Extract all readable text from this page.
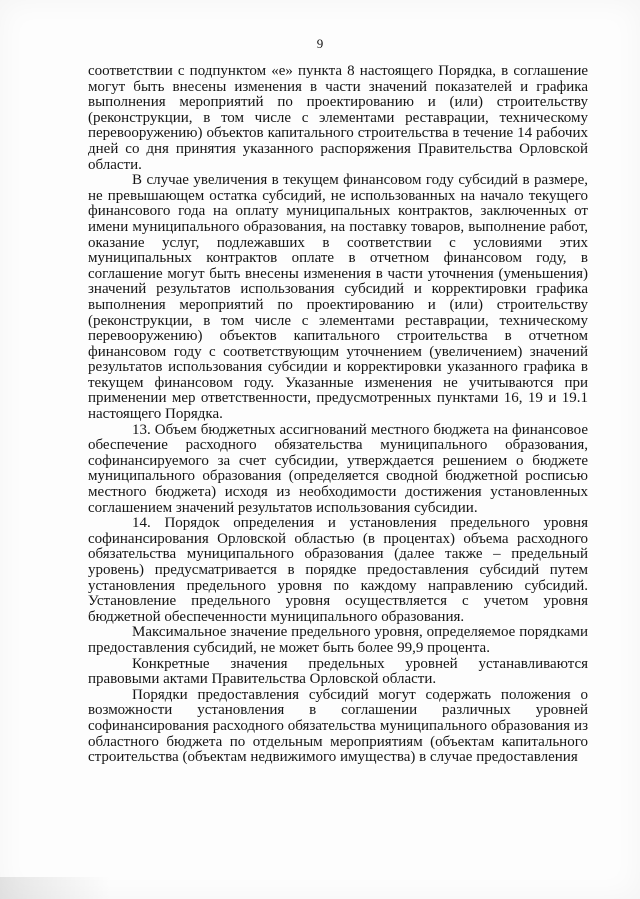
9

соответствии с подпунктом «е» пункта 8 настоящего Порядка, в соглашение могут быть внесены изменения в части значений показателей и графика выполнения мероприятий по проектированию и (или) строительству (реконструкции, в том числе с элементами реставрации, техническому перевооружению) объектов капитального строительства в течение 14 рабочих дней со дня принятия указанного распоряжения Правительства Орловской области.

В случае увеличения в текущем финансовом году субсидий в размере, не превышающем остатка субсидий, не использованных на начало текущего финансового года на оплату муниципальных контрактов, заключенных от имени муниципального образования, на поставку товаров, выполнение работ, оказание услуг, подлежавших в соответствии с условиями этих муниципальных контрактов оплате в отчетном финансовом году, в соглашение могут быть внесены изменения в части уточнения (уменьшения) значений результатов использования субсидий и корректировки графика выполнения мероприятий по проектированию и (или) строительству (реконструкции, в том числе с элементами реставрации, техническому перевооружению) объектов капитального строительства в отчетном финансовом году с соответствующим уточнением (увеличением) значений результатов использования субсидии и корректировки указанного графика в текущем финансовом году. Указанные изменения не учитываются при применении мер ответственности, предусмотренных пунктами 16, 19 и 19.1 настоящего Порядка.

13. Объем бюджетных ассигнований местного бюджета на финансовое обеспечение расходного обязательства муниципального образования, софинансируемого за счет субсидии, утверждается решением о бюджете муниципального образования (определяется сводной бюджетной росписью местного бюджета) исходя из необходимости достижения установленных соглашением значений результатов использования субсидии.

14. Порядок определения и установления предельного уровня софинансирования Орловской областью (в процентах) объема расходного обязательства муниципального образования (далее также – предельный уровень) предусматривается в порядке предоставления субсидий путем установления предельного уровня по каждому направлению субсидий. Установление предельного уровня осуществляется с учетом уровня бюджетной обеспеченности муниципального образования.

Максимальное значение предельного уровня, определяемое порядками предоставления субсидий, не может быть более 99,9 процента.

Конкретные значения предельных уровней устанавливаются правовыми актами Правительства Орловской области.

Порядки предоставления субсидий могут содержать положения о возможности установления в соглашении различных уровней софинансирования расходного обязательства муниципального образования из областного бюджета по отдельным мероприятиям (объектам капитального строительства (объектам недвижимого имущества) в случае предоставления
